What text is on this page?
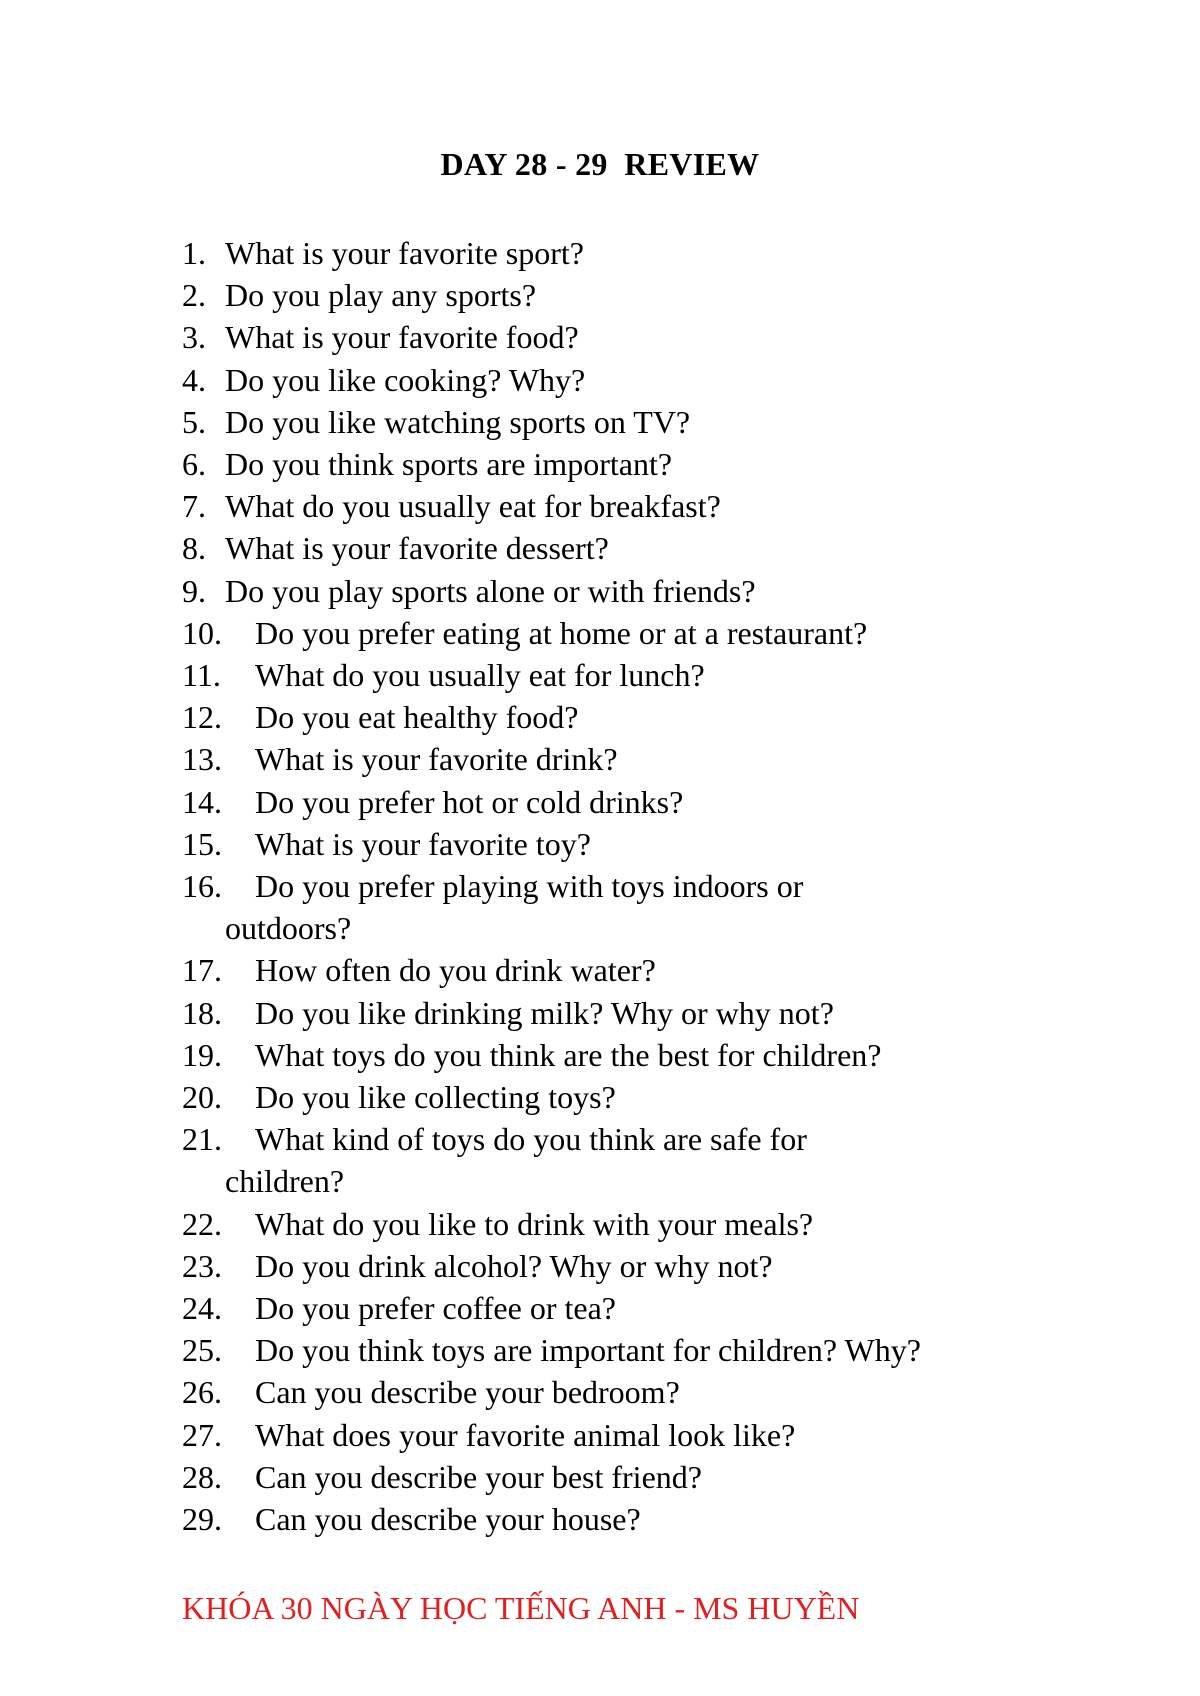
DAY 28 - 29  REVIEW
1. What is your favorite sport?
2. Do you play any sports?
3. What is your favorite food?
4. Do you like cooking? Why?
5. Do you like watching sports on TV?
6. Do you think sports are important?
7. What do you usually eat for breakfast?
8. What is your favorite dessert?
9. Do you play sports alone or with friends?
10.	Do you prefer eating at home or at a restaurant?
11.	What do you usually eat for lunch?
12.	Do you eat healthy food?
13.	What is your favorite drink?
14.	Do you prefer hot or cold drinks?
15.	What is your favorite toy?
16.	Do you prefer playing with toys indoors or
outdoors?
17.	How often do you drink water?
18.	Do you like drinking milk? Why or why not?
19.	What toys do you think are the best for children?
20.	Do you like collecting toys?
21.	What kind of toys do you think are safe for
children?
22.	What do you like to drink with your meals?
23.	Do you drink alcohol? Why or why not?
24.	Do you prefer coffee or tea?
25.	Do you think toys are important for children? Why?
26.	Can you describe your bedroom?
27.	What does your favorite animal look like?
28.	Can you describe your best friend?
29.	Can you describe your house?
KHÓA 30 NGÀY HỌC TIẾNG ANH - MS HUYỀN
